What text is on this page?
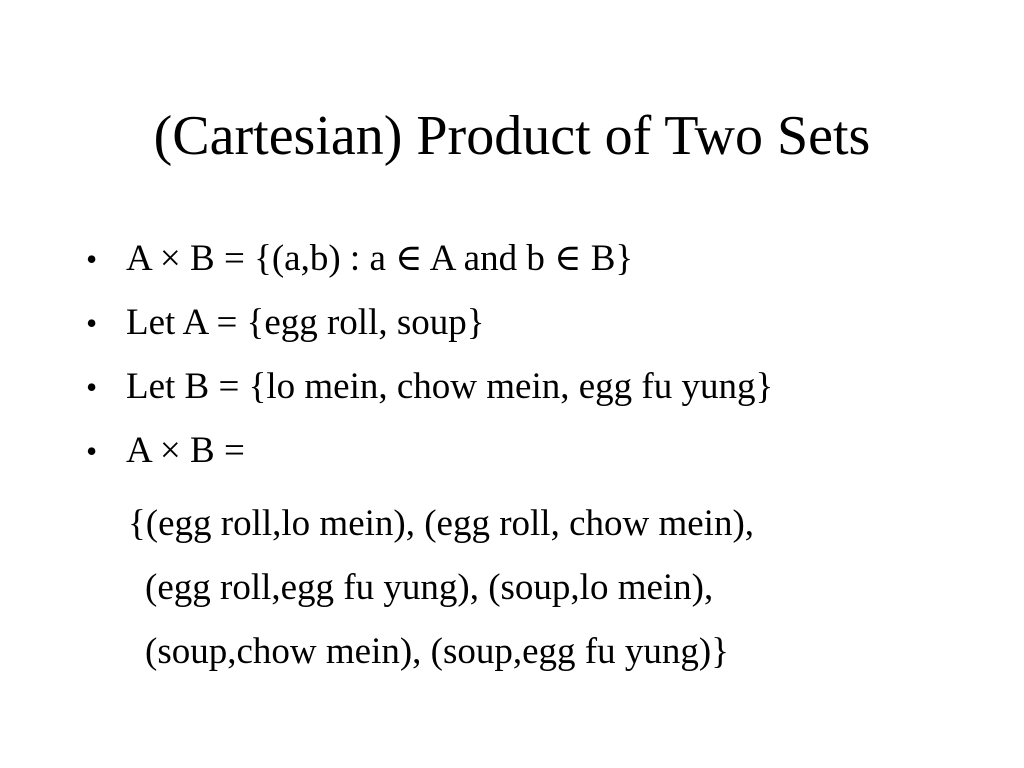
(Cartesian) Product of Two Sets
• A × B = {(a,b) : a ∈ A and b ∈ B}
• Let A = {egg roll, soup}
• Let B = {lo mein, chow mein, egg fu yung}
• A × B =
{(egg roll,lo mein), (egg roll, chow mein),
(egg roll,egg fu yung), (soup,lo mein),
(soup,chow mein), (soup,egg fu yung)}
